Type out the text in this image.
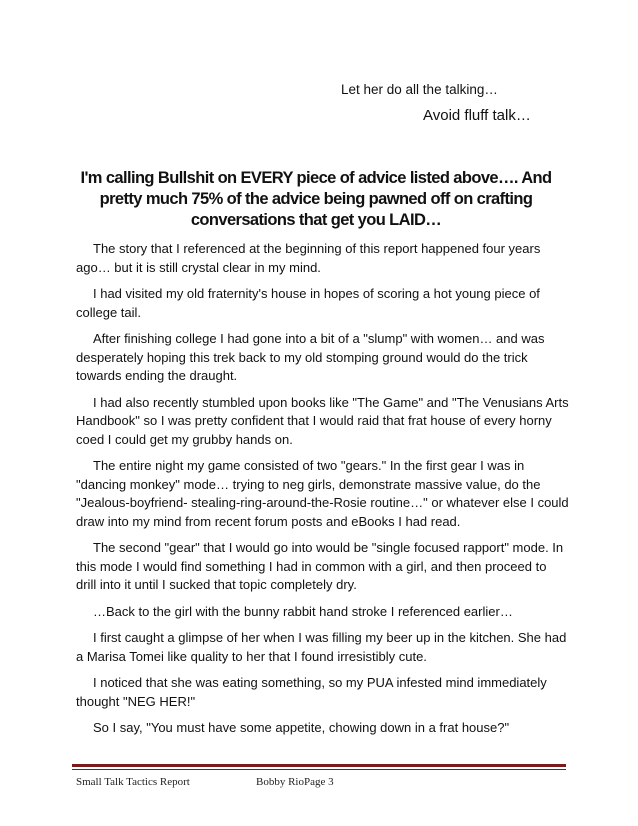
Let her do all the talking…
Avoid fluff talk…
I'm calling Bullshit on EVERY piece of advice listed above…. And pretty much 75% of the advice being pawned off on crafting conversations that get you LAID…

The story that I referenced at the beginning of this report happened four years ago… but it is still crystal clear in my mind.

I had visited my old fraternity's house in hopes of scoring a hot young piece of college tail.

After finishing college I had gone into a bit of a "slump" with women… and was desperately hoping this trek back to my old stomping ground would do the trick towards ending the draught.

I had also recently stumbled upon books like "The Game" and "The Venusians Arts Handbook" so I was pretty confident that I would raid that frat house of every horny coed I could get my grubby hands on.

The entire night my game consisted of two "gears." In the first gear I was in "dancing monkey" mode… trying to neg girls, demonstrate massive value, do the "Jealous-boyfriend- stealing-ring-around-the-Rosie routine…" or whatever else I could draw into my mind from recent forum posts and eBooks I had read.

The second "gear" that I would go into would be "single focused rapport" mode. In this mode I would find something I had in common with a girl, and then proceed to drill into it until I sucked that topic completely dry.

…Back to the girl with the bunny rabbit hand stroke I referenced earlier…

I first caught a glimpse of her when I was filling my beer up in the kitchen. She had a Marisa Tomei like quality to her that I found irresistibly cute.

I noticed that she was eating something, so my PUA infested mind immediately thought "NEG HER!"

So I say, "You must have some appetite, chowing down in a frat house?"

Small Talk Tactics Report	Bobby RioPage 3
